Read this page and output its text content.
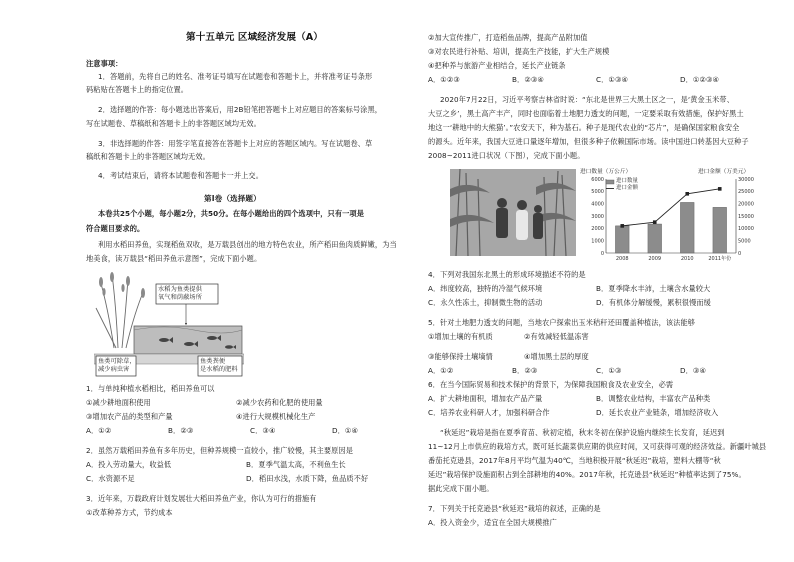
第十五单元 区域经济发展（A）
注意事项：
1．答题前，先将自己的姓名、准考证号填写在试题卷和答题卡上，并将准考证号条形
码粘贴在答题卡上的指定位置。
2．选择题的作答：每小题选出答案后，用2B铅笔把答题卡上对应题目的答案标号涂黑，
写在试题卷、草稿纸和答题卡上的非答题区域均无效。
3．非选择题的作答：用签字笔直接答在答题卡上对应的答题区域内。写在试题卷、草
稿纸和答题卡上的非答题区域均无效。
4．考试结束后，请将本试题卷和答题卡一并上交。
第Ⅰ卷（选择题）
本卷共25个小题，每小题2分，共50分。在每小题给出的四个选项中，只有一项是
符合题目要求的。
利用水稻田养鱼，实现稻鱼双收，是万载县创出的地方特色农业，所产稻田鱼肉质鲜嫩，为当
地美食，读万载县“稻田养鱼示意图”，完成下面小题。
水稻为鱼类提供
氧气和荫蔽场所
鱼类可除草，
减少病虫害
鱼类粪便
是水稻的肥料
1．与单纯种植水稻相比，稻田养鱼可以
①减少耕地面积使用	②减少农药和化肥的使用量
③增加农产品的类型和产量	④进行大规模机械化生产
A．①②	B．②③	C．③④	D．①④
2．虽然万载稻田养鱼有多年历史，但种养规模一直较小，推广较慢，其主要原因是
A．投入劳动量大，收益低	B．夏季气温太高，不利鱼生长
C．水资源不足	D．稻田水浅，水质下降，鱼品质不好
3．近年来，万载政府计划发展壮大稻田养鱼产业，你认为可行的措施有
①改革种养方式，节约成本
②加大宣传推广，打造稻鱼品牌，提高产品附加值
③对农民进行补贴、培训，提高生产技能，扩大生产规模
④把种养与旅游产业相结合，延长产业链条
A．①②③	B．②③④	C．①③④	D．①②③④
2020年7月22日，习近平考察吉林省时说：“东北是世界三大黑土区之一，是‘黄金玉米带、
大豆之乡’，黑土高产丰产，同时也面临着土地肥力透支的问题，一定要采取有效措施，保护好黑土
地这一‘耕地中的大熊猫’。”农安天下，种为基石。种子是现代农业的“芯片”，是确保国家粮食安全
的源头。近年来，我国大豆进口量逐年增加，但很多种子依赖国际市场。读中国进口转基因大豆种子
2008~2011进口状况（下图），完成下面小题。
0
1000
2000
3000
4000
5000
6000
0
5000
10000
15000
20000
25000
30000
2008	2009	2010	2011年份
进口数量（万公斤）	进口金额（万美元）
进口数量
进口金额
4．下列对我国东北黑土的形成环境描述不符的是
A．纬度较高，独特的冷湿气候环境	B．夏季降水丰沛，土壤含水量较大
C．永久性冻土，抑制微生物的活动	D．有机体分解缓慢，累积很慢而缓
5．针对土地肥力透支的问题，当地农户探索出玉米秸秆还田覆盖种植法，该法能够
①增加土壤的有机质	②有效减轻低温冻害
③能够保持土壤墒情	④增加黑土层的厚度
A．①②	B．②③	C．①③	D．③④
6．在当今国际贸易和技术保护的背景下，为保障我国粮食及农业安全，必需
A．扩大耕地面积，增加农产品产量	B．调整农业结构，丰富农产品种类
C．培养农业科研人才，加强科研合作	D．延长农业产业链条，增加经济收入
“秋延迟”栽培是指在夏季育苗、秋初定植，秋末冬初在保护设施内继续生长发育，延迟到
11~12月上市供应的栽培方式，既可延长蔬菜供应期的供应时间，又可获得可观的经济效益。新疆叶城县
番茄托克逊县，2017年8月平均气温为40℃，当地积极开展“秋延迟”栽培，塑料大棚等“秋
延迟”栽培保护设施面积占到全部耕地的40%。2017年秋，托克逊县“秋延迟”种植率达到了75%。
据此完成下面小题。
7．下列关于托克逊县“秋延迟”栽培的叙述，正确的是
A．投入资金少，适宜在全国大规模推广
